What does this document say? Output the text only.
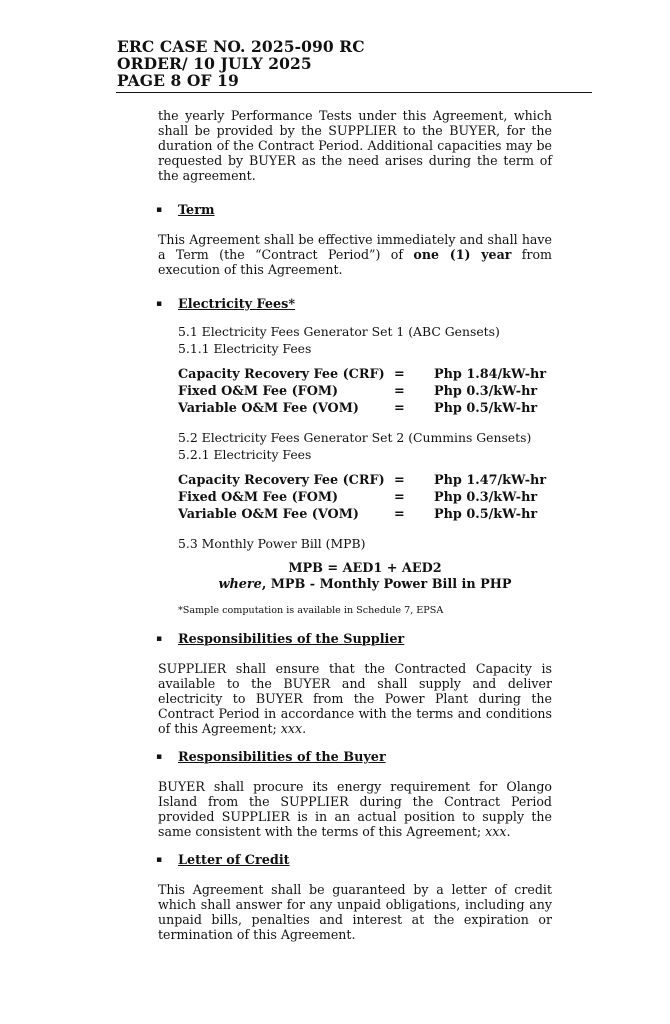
ERC CASE NO. 2025-090 RC
ORDER/ 10 JULY 2025
PAGE 8 OF 19

the yearly Performance Tests under this Agreement, which shall be provided by the SUPPLIER to the BUYER, for the duration of the Contract Period. Additional capacities may be requested by BUYER as the need arises during the term of the agreement.

▪ Term

This Agreement shall be effective immediately and shall have a Term (the “Contract Period”) of one (1) year from execution of this Agreement.

▪ Electricity Fees*
5.1 Electricity Fees Generator Set 1 (ABC Gensets)
5.1.1 Electricity Fees
Capacity Recovery Fee (CRF) =	Php 1.84/kW-hr
Fixed O&M Fee (FOM)	=	Php 0.3/kW-hr
Variable O&M Fee (VOM)	=	Php 0.5/kW-hr
5.2 Electricity Fees Generator Set 2 (Cummins Gensets)
5.2.1 Electricity Fees
Capacity Recovery Fee (CRF) =	Php 1.47/kW-hr
Fixed O&M Fee (FOM)	=	Php 0.3/kW-hr
Variable O&M Fee (VOM)	=	Php 0.5/kW-hr
5.3 Monthly Power Bill (MPB)
MPB = AED1 + AED2
where, MPB - Monthly Power Bill in PHP
*Sample computation is available in Schedule 7, EPSA
▪ Responsibilities of the Supplier

SUPPLIER shall ensure that the Contracted Capacity is available to the BUYER and shall supply and deliver electricity to BUYER from the Power Plant during the Contract Period in accordance with the terms and conditions of this Agreement; xxx.

▪ Responsibilities of the Buyer

BUYER shall procure its energy requirement for Olango Island from the SUPPLIER during the Contract Period provided SUPPLIER is in an actual position to supply the same consistent with the terms of this Agreement; xxx.

▪ Letter of Credit

This Agreement shall be guaranteed by a letter of credit which shall answer for any unpaid obligations, including any unpaid bills, penalties and interest at the expiration or termination of this Agreement.
